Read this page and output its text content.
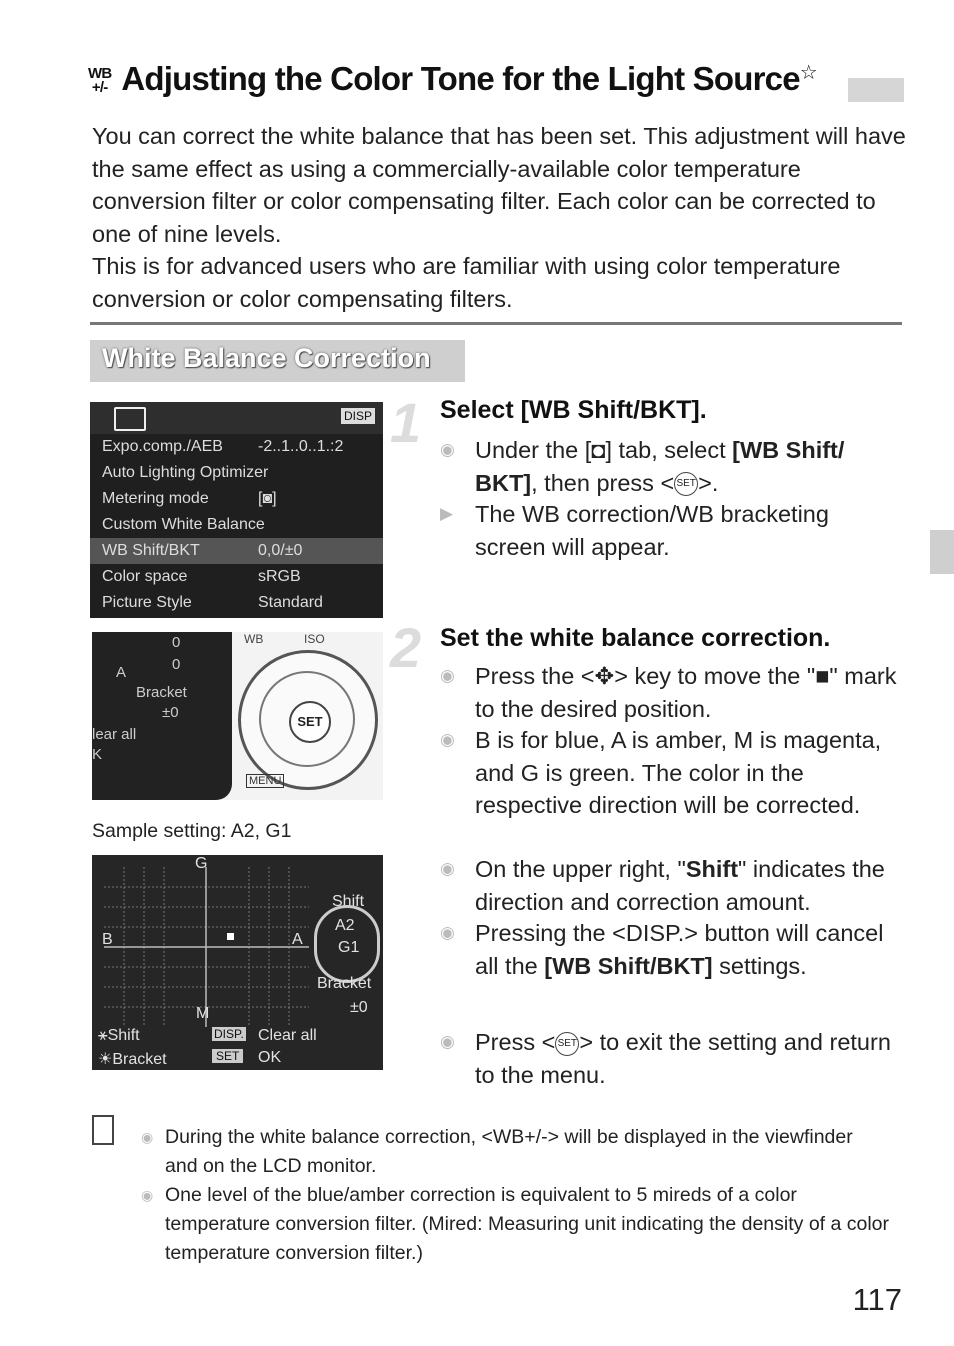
WB
+/- Adjusting the Color Tone for the Light Source☆

You can correct the white balance that has been set. This adjustment will have the same effect as using a commercially-available color temperature conversion filter or color compensating filter. Each color can be corrected to one of nine levels.

This is for advanced users who are familiar with using color temperature conversion or color compensating filters.

White Balance Correction
DISP
Expo.comp./AEB -2..1..0..1.:2
Auto Lighting Optimizer
Metering mode	[◙]
Custom White Balance
WB Shift/BKT	0,0/±0
Color space	sRGB
Picture Style	Standard
0
0
A
Bracket
±0
lear all
K
WB	ISO
SET
MENU
Sample setting: A2, G1
G
B	A
M
Shift
A2
G1
Bracket
±0
⚹Shift	DISP. Clear all
☀Bracket	SET OK
1 Select [WB Shift/BKT].
◉ Under the [◘] tab, select [WB Shift/ BKT], then press < SET>.
▶ The WB correction/WB bracketing screen will appear.
2 Set the white balance correction.
◉ Press the <✥> key to move the "■" mark to the desired position.
◉ B is for blue, A is amber, M is magenta, and G is green. The color in the respective direction will be corrected.
◉ On the upper right, "Shift" indicates the direction and correction amount.
◉ Pressing the <DISP.> button will cancel all the [WB Shift/BKT] settings.
◉ Press < SET> to exit the setting and return to the menu.
◉ During the white balance correction, <WB+/-> will be displayed in the viewfinder and on the LCD monitor.
◉ One level of the blue/amber correction is equivalent to 5 mireds of a color temperature conversion filter. (Mired: Measuring unit indicating the density of a color temperature conversion filter.)
117
